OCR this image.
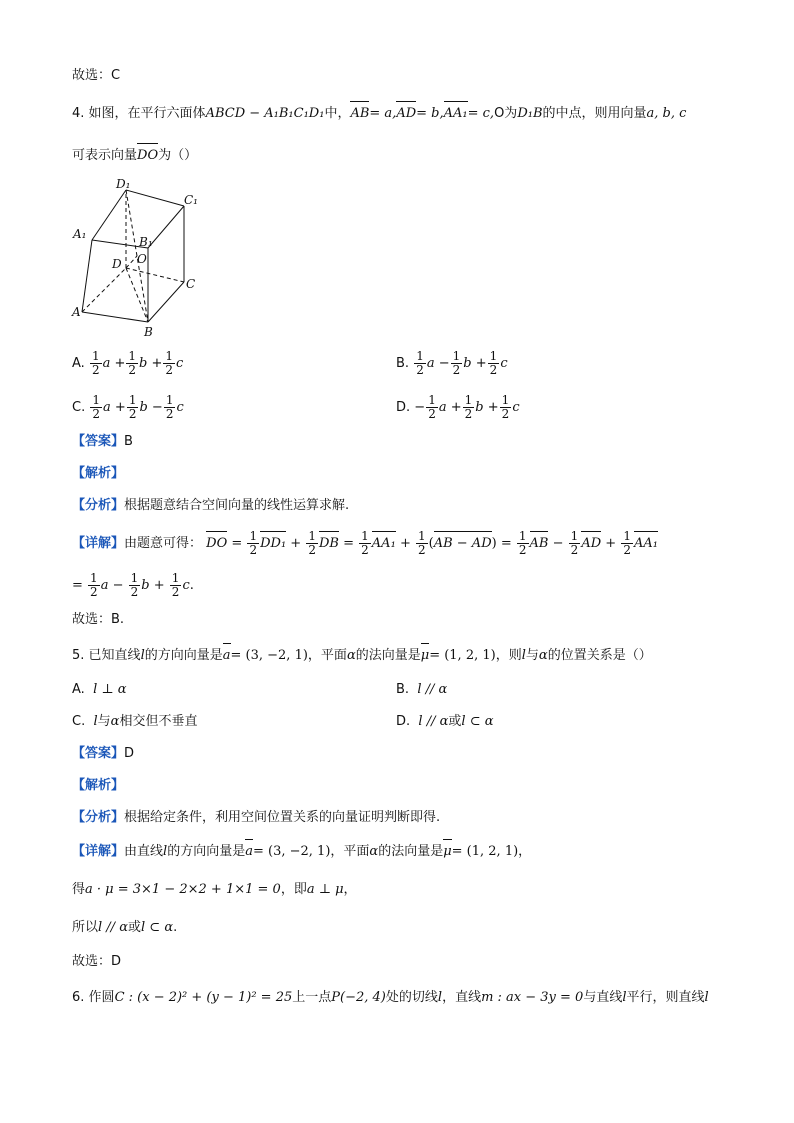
故选：C
4. 如图，在平行六面体ABCD − A₁B₁C₁D₁中，AB= a,AD= b,AA₁= c,O为D₁B的中点，则用向量a, b, c
可表示向量DO为（）
D₁
C₁
A₁
B₁
D O
C
A
B
A. $\frac{1}{2}$ $a + \frac{1}{2}$ $b + \frac{1}{2}$ c	B. $\frac{1}{2}$ $a - \frac{1}{2}$ $b + \frac{1}{2}$ c
C. $\frac{1}{2}$ $a + \frac{1}{2}$ $b - \frac{1}{2}$ c	D. − $\frac{1}{2}$ $a + \frac{1}{2}$ $b + \frac{1}{2}$ c
【答案】B
【解析】
【分析】根据题意结合空间向量的线性运算求解.
【详解】由题意可得： DO = $\frac{1}{2} DD_1 + \frac{1}{2}$ DB = $\frac{1}{2} AA_1 + \frac{1}{2} (AB - AD) = \frac{1}{2}$ AB − $\frac{1}{2}$ AD + $\frac{1}{2} AA_1$
= $\frac{1}{2}$ $a - \frac{1}{2}$ $b + \frac{1}{2} c$.
故选：B.
5. 已知直线l的方向向量是a= (3, −2, 1)，平面α的法向量是μ= (1, 2, 1)，则l与α的位置关系是（）
A. l ⊥ α	B. l // α
C. l与α相交但不垂直	D. l // α或l ⊂ α
【答案】D
【解析】
【分析】根据给定条件，利用空间位置关系的向量证明判断即得.
【详解】由直线l的方向向量是a= (3, −2, 1)，平面α的法向量是μ= (1, 2, 1)，
得a · μ = 3×1 − 2×2 + 1×1 = 0，即a ⊥ μ，
所以l // α或l ⊂ α.
故选：D
6. 作圆C : (x − 2)² + (y − 1)² = 25上一点P(−2, 4)处的切线l，直线m : ax − 3y = 0与直线l平行，则直线l
